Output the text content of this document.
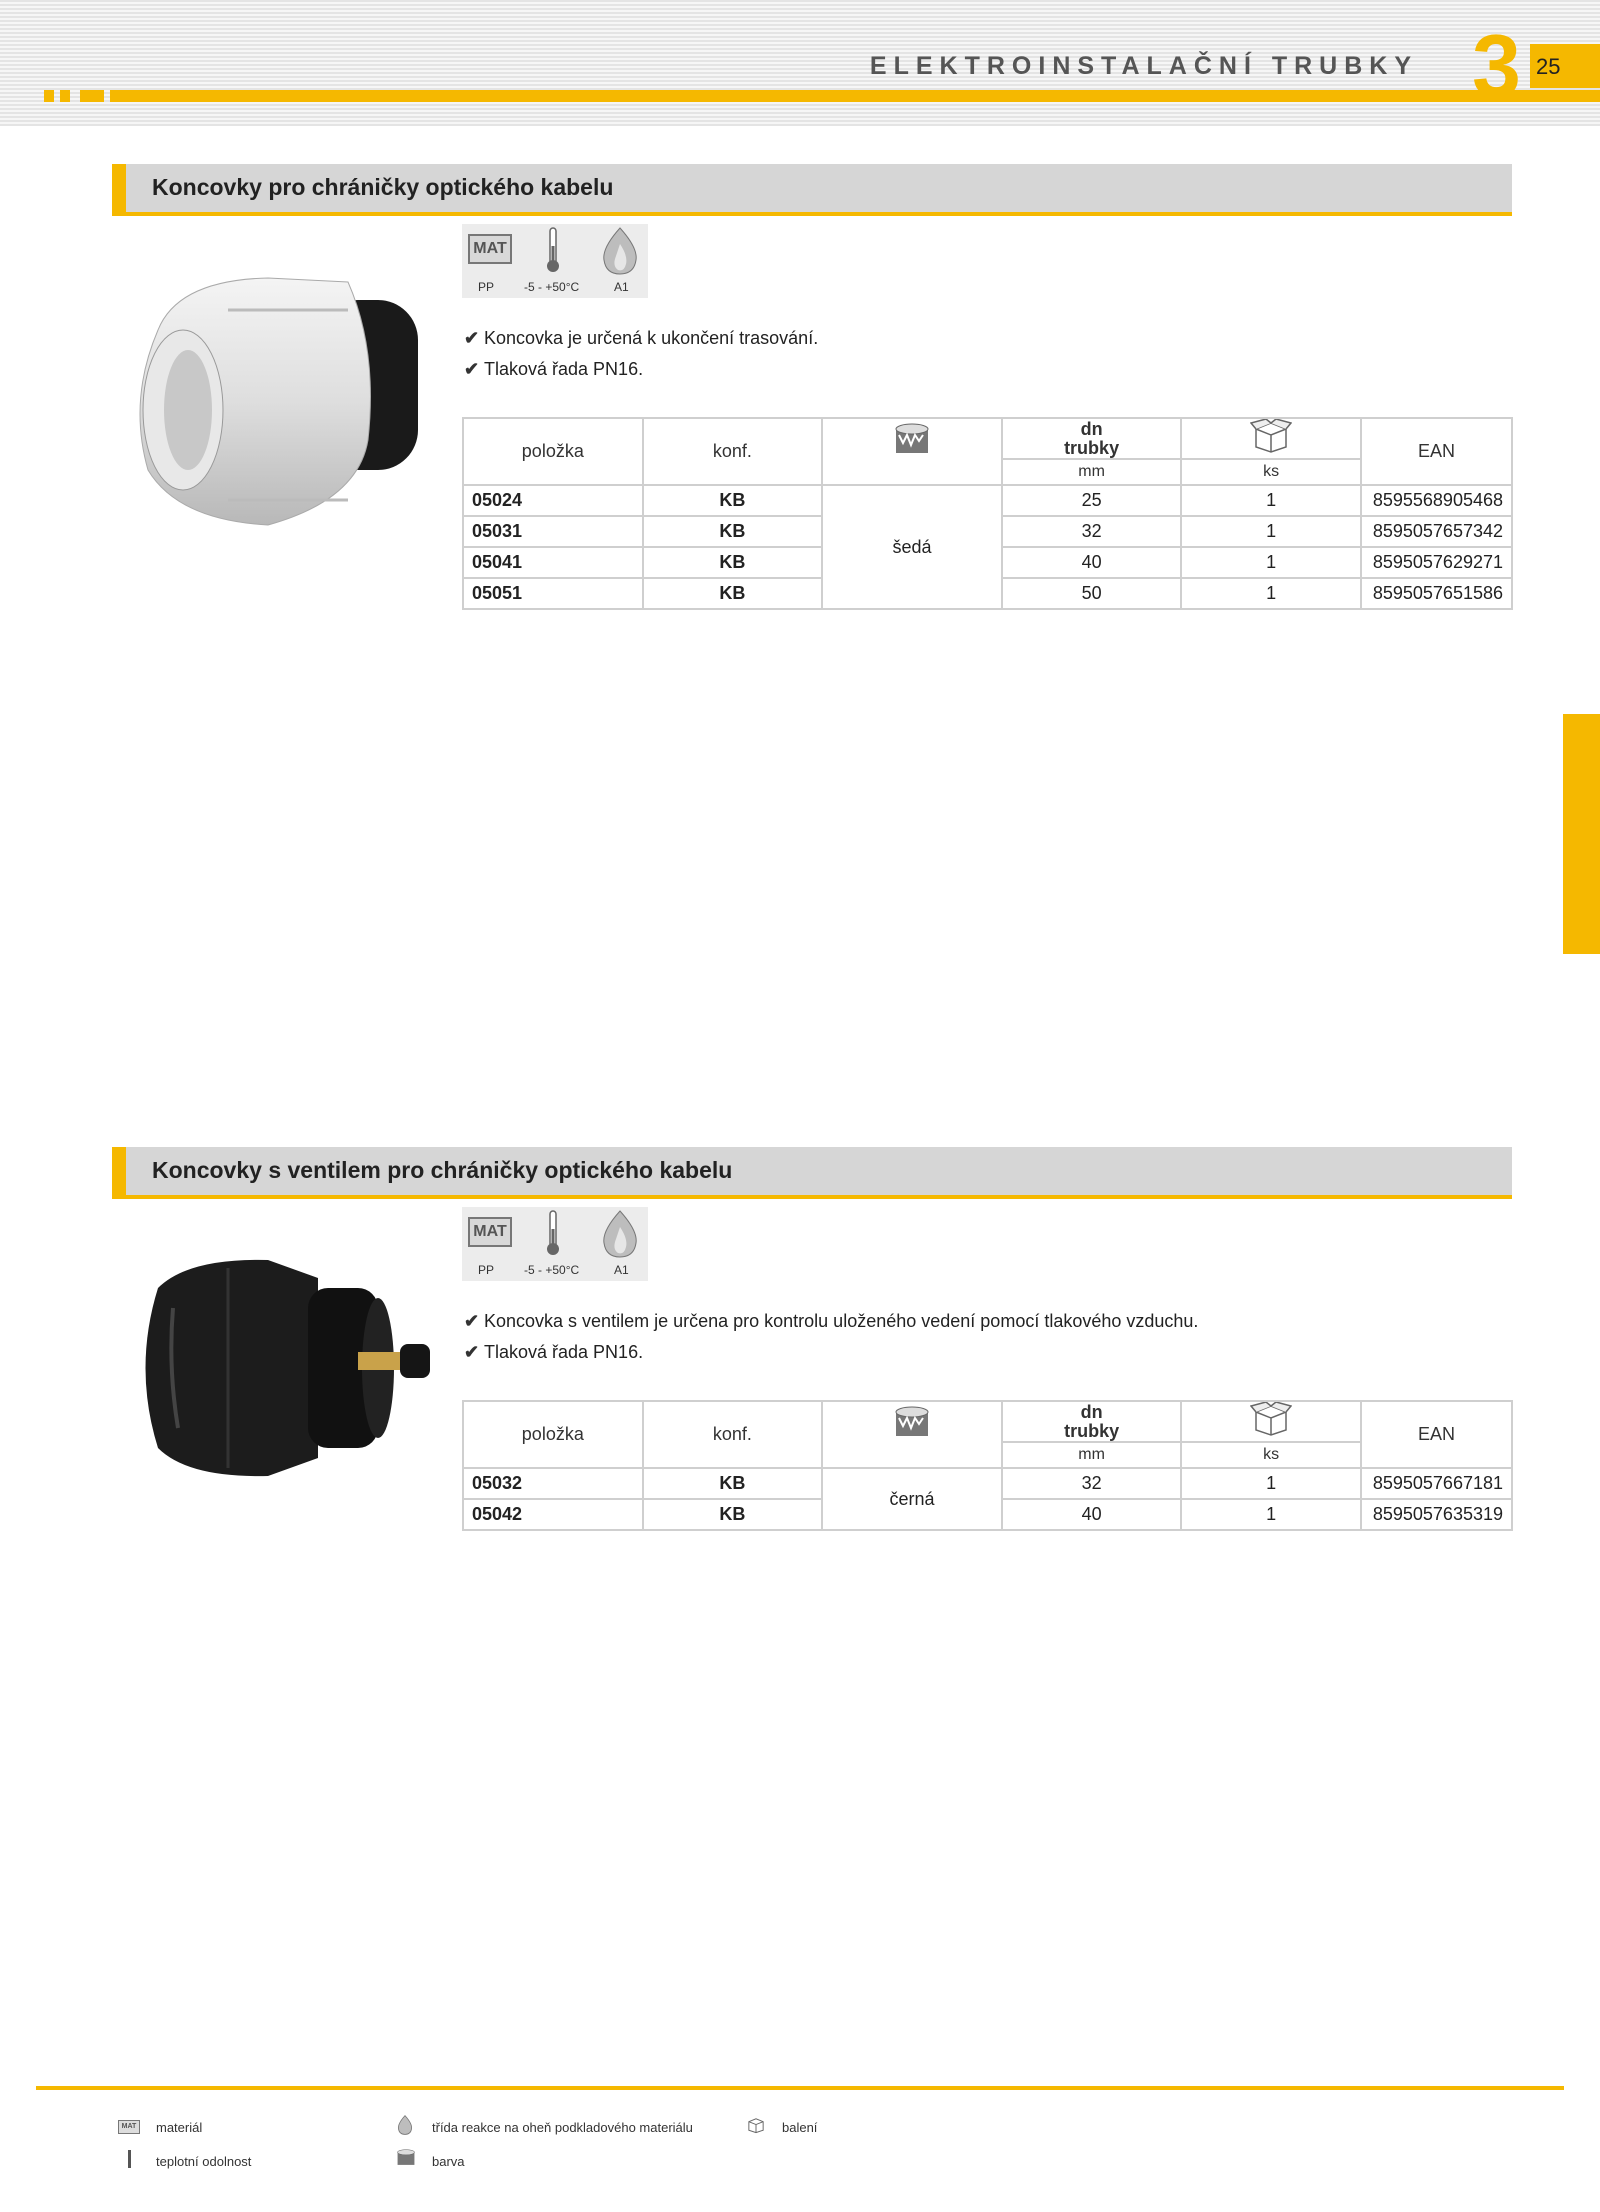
ELEKTROINSTALAČNÍ TRUBKY 3 25
Koncovky pro chráničky optického kabelu
MAT
PP -5 - +50°C	A1
✔ Koncovka je určená k ukončení trasování.
✔ Tlaková řada PN16.
položka	konf.		dn
trubky		EAN
			mm	ks	
05024	KB	šedá	25	1	8595568905468
05031	KB		32	1	8595057657342
05041	KB		40	1	8595057629271
05051	KB		50	1	8595057651586
Koncovky s ventilem pro chráničky optického kabelu
MAT
PP -5 - +50°C	A1
✔ Koncovka s ventilem je určena pro kontrolu uloženého vedení pomocí tlakového vzduchu.
✔ Tlaková řada PN16.
položka	konf.		dn
trubky		EAN
			mm	ks	
05032	KB	černá	32	1	8595057667181
05042	KB		40	1	8595057635319
MAT materiál
teplotní odolnost
třída reakce na oheň podkladového materiálu
barva
balení
